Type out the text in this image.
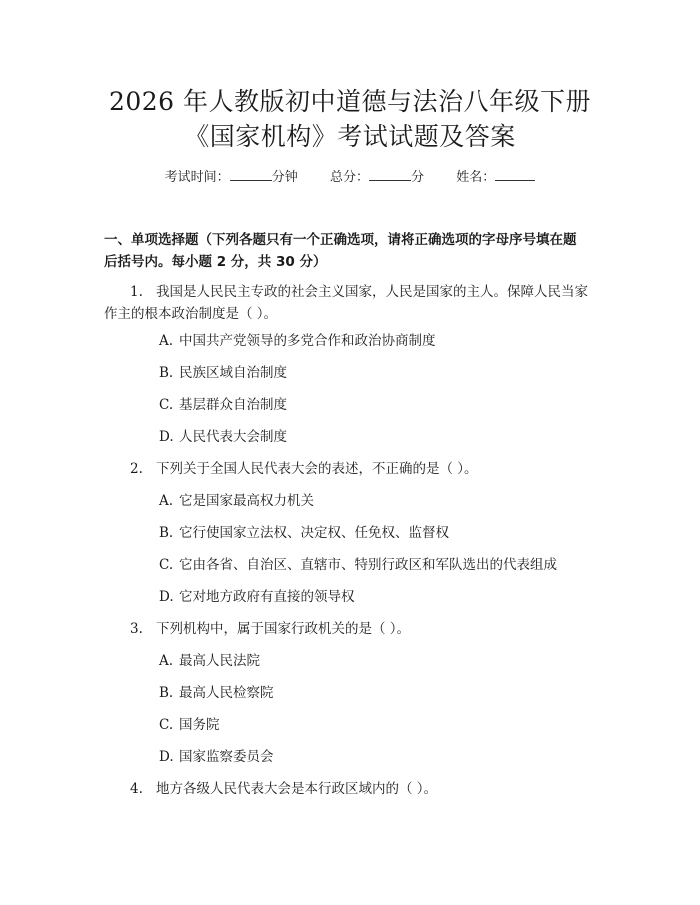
2026 年人教版初中道德与法治八年级下册
《国家机构》考试试题及答案
考试时间：	分钟 总分：	分 姓名：
一、单项选择题（下列各题只有一个正确选项，请将正确选项的字母序号填在题
后括号内。每小题 2 分，共 30 分）
1. 我国是人民民主专政的社会主义国家，人民是国家的主人。保障人民当家
作主的根本政治制度是（ ）。
A. 中国共产党领导的多党合作和政治协商制度
B. 民族区域自治制度
C. 基层群众自治制度
D. 人民代表大会制度
2. 下列关于全国人民代表大会的表述，不正确的是（ ）。
A. 它是国家最高权力机关
B. 它行使国家立法权、决定权、任免权、监督权
C. 它由各省、自治区、直辖市、特别行政区和军队选出的代表组成
D. 它对地方政府有直接的领导权
3. 下列机构中，属于国家行政机关的是（ ）。
A. 最高人民法院
B. 最高人民检察院
C. 国务院
D. 国家监察委员会
4. 地方各级人民代表大会是本行政区域内的（ ）。
